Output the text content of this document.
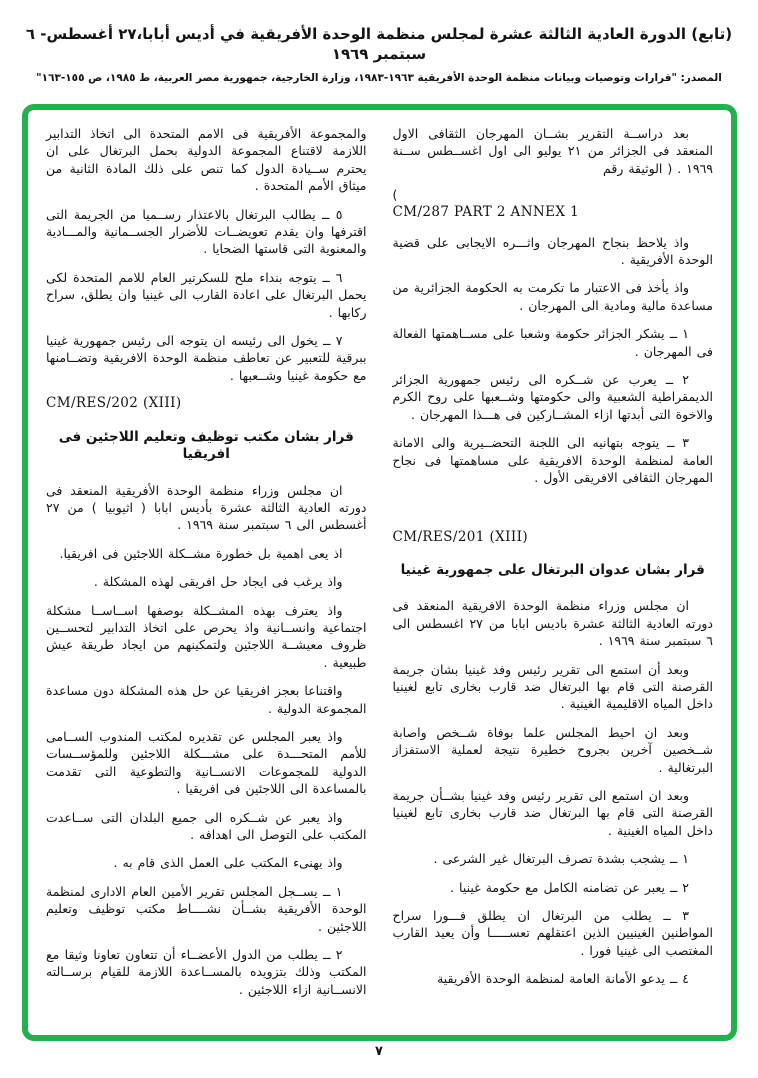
(تابع) الدورة العادية الثالثة عشرة لمجلس منظمة الوحدة الأفريقية في أديس أبابا،٢٧ أغسطس- ٦ سبتمبر ١٩٦٩
المصدر: "قرارات وتوصيات وبيانات منظمة الوحدة الأفريقية ١٩٦٣-١٩٨٣، وزارة الخارجية، جمهورية مصر العربية، ط ١٩٨٥، ص ١٥٥-١٦٣"

بعد دراســة التقرير بشــان المهرجان الثقافى الاول المنعقد فى الجزائر من ٢١ يوليو الى اول اغســطس ســنة ١٩٦٩ . ( الوثيقة رقم

(
CM/287 PART 2 ANNEX 1

واذ يلاحظ بنجاح المهرجان واثـــره الايجابى على قضية الوحدة الأفريقية .

واذ يأخذ فى الاعتبار ما تكرمت به الحكومة الجزائرية من مساعدة مالية ومادية الى المهرجان .

١ ــ يشكر الجزائر حكومة وشعبا على مســاهمتها الفعالة فى المهرجان .

٢ ــ يعرب عن شــكره الى رئيس جمهورية الجزائر الديمقراطية الشعبية والى حكومتها وشــعبها على روح الكرم والاخوة التى أبدتها ازاء المشــاركين فى هـــذا المهرجان .

٣ ــ يتوجه بتهانيه الى اللجنة التحضــيرية والى الامانة العامة لمنظمة الوحدة الافريقية على مساهمتها فى نجاح المهرجان الثقافى الافريقى الأول .

CM/RES/201 (XIII)
قرار بشان عدوان البرتغال على جمهورية غينيا

ان مجلس وزراء منظمة الوحدة الافريقية المنعقد فى دورته العادية الثالثة عشرة باديس ابابا من ٢٧ اغسطس الى ٦ سبتمبر سنة ١٩٦٩ .

وبعد أن استمع الى تقرير رئيس وفد غينيا بشان جريمة القرصنة التى قام بها البرتغال ضد قارب بخارى تابع لغينيا داخل المياه الاقليمية الغينية .

وبعد ان احيط المجلس علما بوفاة شــخص واصابة شــخصين آخرين بجروح خطيرة نتيجة لعملية الاستفزاز البرتغالية .

وبعد ان استمع الى تقرير رئيس وفد غينيا بشــأن جريمة القرصنة التى قام بها البرتغال ضد قارب بخارى تابع لغينيا داخل المياه الغينية .

١ ــ يشجب بشدة تصرف البرتغال غير الشرعى .

٢ ــ يعبر عن تضامنه الكامل مع حكومة غينيا .

٣ ــ يطلب من البرتغال ان يطلق فـــورا سراح المواطنين الغينيين الذين اعتقلهم تعســـــا وأن يعيد القارب المغتصب الى غينيا فورا .

٤ ــ يدعو الأمانة العامة لمنظمة الوحدة الأفريقية

والمجموعة الأفريقية فى الامم المتحدة الى اتخاذ التدابير اللازمة لاقتناع المجموعة الدولية بحمل البرتغال على ان يحترم ســيادة الدول كما تنص على ذلك المادة الثانية من ميثاق الأمم المتحدة .

٥ ــ يطالب البرتغال بالاعتذار رســميا من الجريمة التى اقترفها وان يقدم تعويضــات للأضرار الجســمانية والمـــادية والمعنوية التى قاستها الضحايا .

٦ ــ يتوجه بنداء ملح للسكرتير العام للامم المتحدة لكى يحمل البرتغال على اعادة القارب الى غينيا وان يطلق، سراح ركابها .

٧ ــ يخول الى رئيسه ان يتوجه الى رئيس جمهورية غينيا ببرقية للتعبير عن تعاطف منظمة الوحدة الافريقية وتضــامنها مع حكومة غينيا وشــعبها .

CM/RES/202 (XIII)
قرار بشان مكتب توظيف وتعليم اللاجئين فى افريقيا

ان مجلس وزراء منظمة الوحدة الأفريقية المنعقد فى دورته العادية الثالثة عشرة بأديس ابابا ( اثيوبيا ) من ٢٧ أغسطس الى ٦ سبتمبر سنة ١٩٦٩ .

اذ يعى اهمية بل خطورة مشــكلة اللاجئين فى افريقيا.

واذ يرغب فى ايجاد حل افريقى لهذه المشكلة .

واذ يعترف بهذه المشــكلة بوصفها اســاســا مشكلة اجتماعية وانســانية واذ يحرص على اتخاذ التدابير لتحســين ظروف معيشــة اللاجئين ولتمكينهم من ايجاد طريقة عيش طبيعية .

واقتناعا بعجز افريقيا عن حل هذه المشكلة دون مساعدة المجموعة الدولية .

واذ يعبر المجلس عن تقديره لمكتب المندوب الســامى للأمم المتحـــدة على مشـــكلة اللاجئين وللمؤســسات الدولية للمجموعات الانســانية والتطوعية التى تقدمت بالمساعدة الى اللاجئين فى افريقيا .

واذ يعبر عن شــكره الى جميع البلدان التى ســاعدت المكتب على التوصل الى اهدافه .

واذ يهنىء المكتب على العمل الذى قام به .

١ ــ يســجل المجلس تقرير الأمين العام الادارى لمنظمة الوحدة الأفريقية بشــأن نشــــاط مكتب توظيف وتعليم اللاجئين .

٢ ــ يطلب من الدول الأعضــاء أن تتعاون تعاونا وثيقا مع المكتب وذلك بتزويده بالمســاعدة اللازمة للقيام برســالته الانســانية ازاء اللاجئين .

٧
